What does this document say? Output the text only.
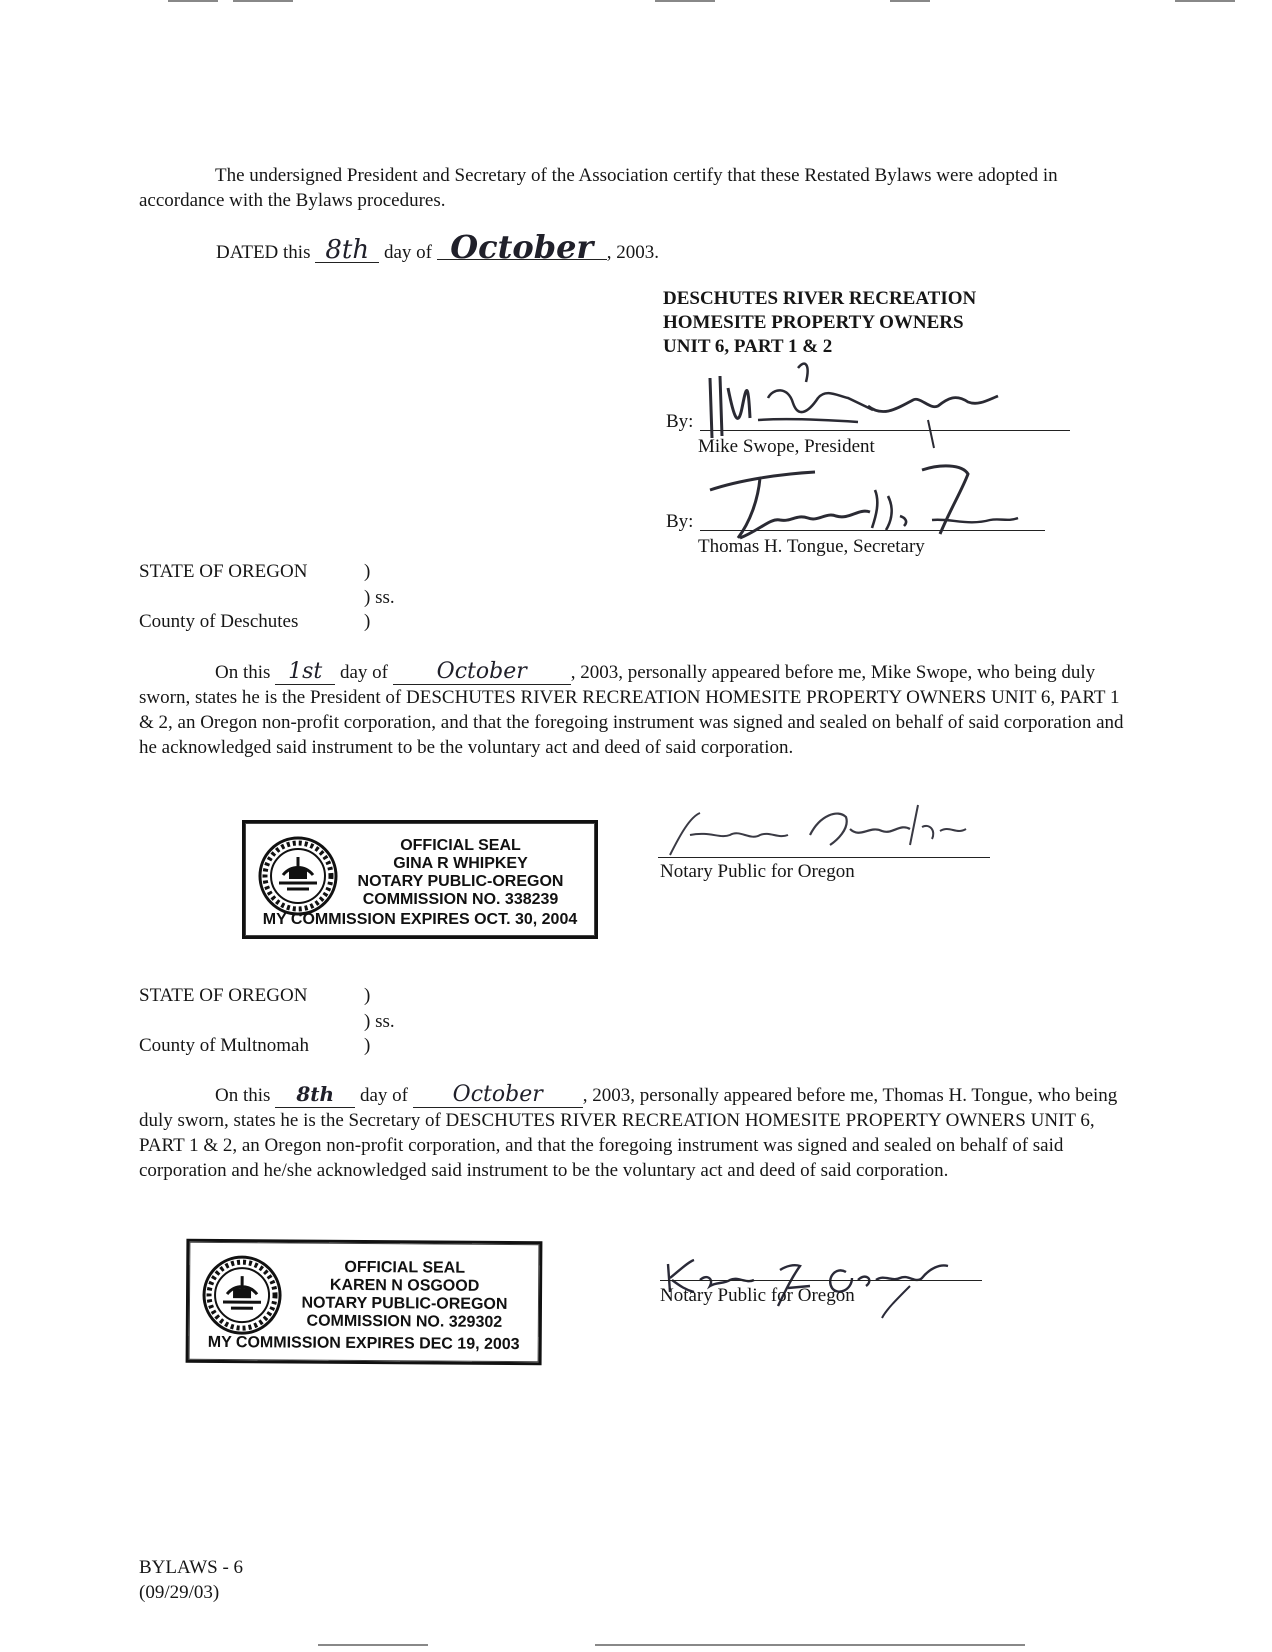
The undersigned President and Secretary of the Association certify that these Restated Bylaws were adopted in accordance with the Bylaws procedures.
DATED this 8th day of October , 2003.
DESCHUTES RIVER RECREATION
HOMESITE PROPERTY OWNERS
UNIT 6, PART 1 & 2
By:
Mike Swope, President
By:
Thomas H. Tongue, Secretary
STATE OF OREGON	)
) ss.
County of Deschutes	)
On this 1st day of October , 2003, personally appeared before me, Mike Swope, who being duly sworn, states he is the President of DESCHUTES RIVER RECREATION HOMESITE PROPERTY OWNERS UNIT 6, PART 1 & 2, an Oregon non-profit corporation, and that the foregoing instrument was signed and sealed on behalf of said corporation and he acknowledged said instrument to be the voluntary act and deed of said corporation.
OFFICIAL SEAL
GINA R WHIPKEY
NOTARY PUBLIC-OREGON
COMMISSION NO. 338239
MY COMMISSION EXPIRES OCT. 30, 2004
Notary Public for Oregon
STATE OF OREGON	)
) ss.
County of Multnomah	)
On this 8th day of October , 2003, personally appeared before me, Thomas H. Tongue, who being duly sworn, states he is the Secretary of DESCHUTES RIVER RECREATION HOMESITE PROPERTY OWNERS UNIT 6, PART 1 & 2, an Oregon non-profit corporation, and that the foregoing instrument was signed and sealed on behalf of said corporation and he/she acknowledged said instrument to be the voluntary act and deed of said corporation.
OFFICIAL SEAL
KAREN N OSGOOD
NOTARY PUBLIC-OREGON
COMMISSION NO. 329302
MY COMMISSION EXPIRES DEC 19, 2003
Notary Public for Oregon
BYLAWS - 6
(09/29/03)
